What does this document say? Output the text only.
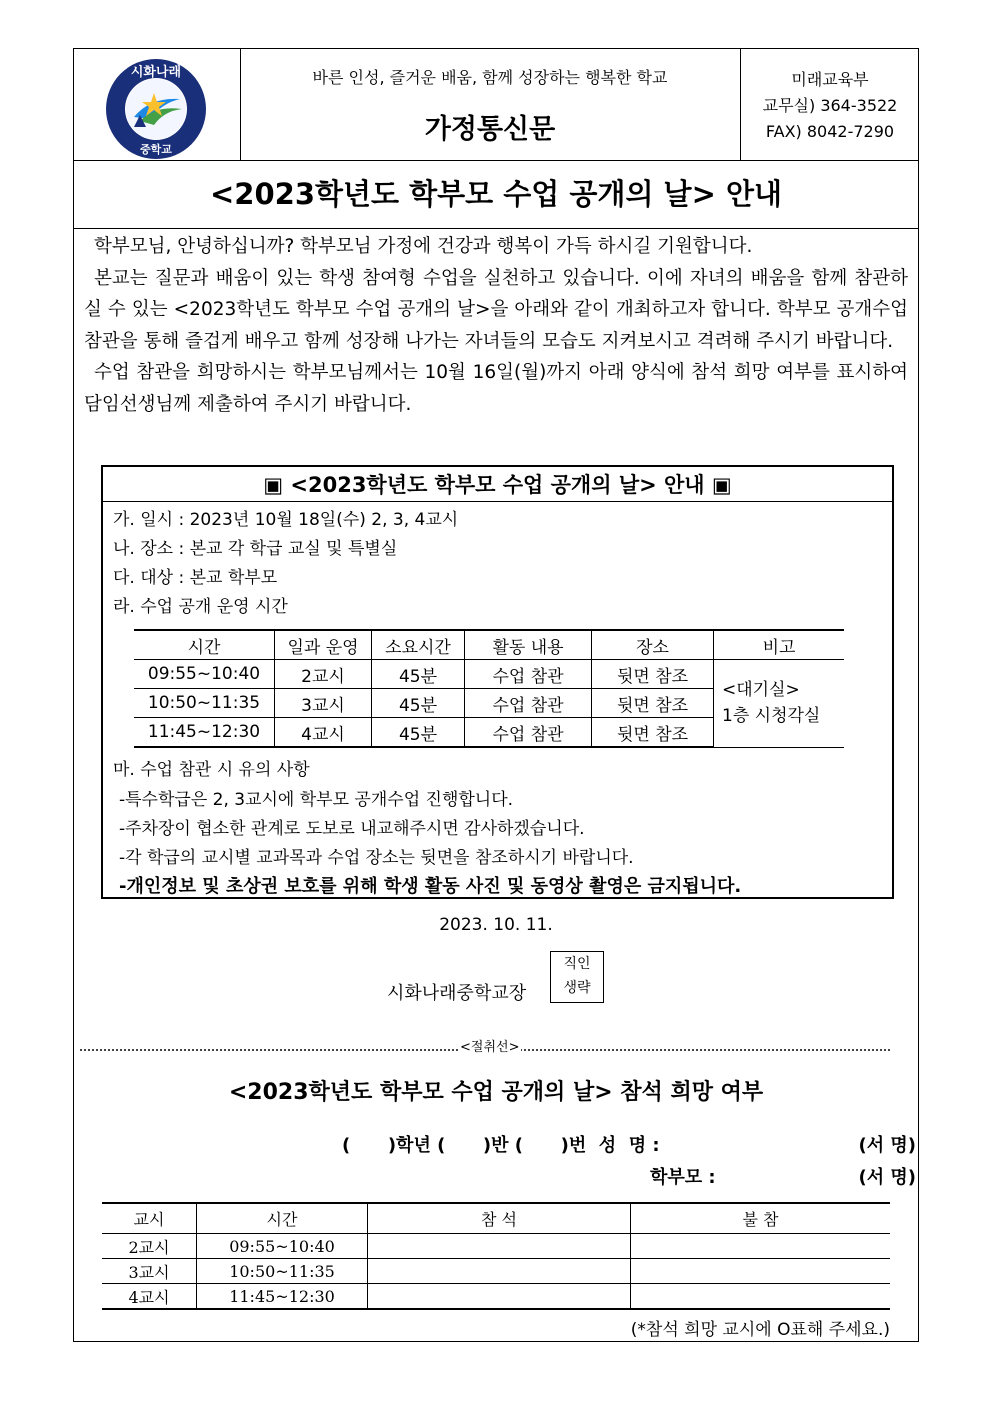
시화나래
중학교
바른 인성, 즐거운 배움, 함께 성장하는 행복한 학교
가정통신문
미래교육부
교무실) 364-3522
FAX) 8042-7290
<2023학년도 학부모 수업 공개의 날> 안내

학부모님, 안녕하십니까? 학부모님 가정에 건강과 행복이 가득 하시길 기원합니다.

본교는 질문과 배움이 있는 학생 참여형 수업을 실천하고 있습니다. 이에 자녀의 배움을 함께 참관하실 수 있는 <2023학년도 학부모 수업 공개의 날>을 아래와 같이 개최하고자 합니다. 학부모 공개수업 참관을 통해 즐겁게 배우고 함께 성장해 나가는 자녀들의 모습도 지켜보시고 격려해 주시기 바랍니다.

수업 참관을 희망하시는 학부모님께서는 10월 16일(월)까지 아래 양식에 참석 희망 여부를 표시하여 담임선생님께 제출하여 주시기 바랍니다.

▣ <2023학년도 학부모 수업 공개의 날> 안내 ▣
가. 일시 : 2023년 10월 18일(수) 2, 3, 4교시
나. 장소 : 본교 각 학급 교실 및 특별실
다. 대상 : 본교 학부모
라. 수업 공개 운영 시간
시간	일과 운영	소요시간	활동 내용	장소	비고
09:55~10:40	2교시	45분	수업 참관	뒷면 참조	<대기실>
1층 시청각실

10:50~11:35	3교시	45분	수업 참관	뒷면 참조	
11:45~12:30	4교시	45분	수업 참관	뒷면 참조	
마. 수업 참관 시 유의 사항
-특수학급은 2, 3교시에 학부모 공개수업 진행합니다.
-주차장이 협소한 관계로 도보로 내교해주시면 감사하겠습니다.
-각 학급의 교시별 교과목과 수업 장소는 뒷면을 참조하시기 바랍니다.
-개인정보 및 초상권 보호를 위해 학생 활동 사진 및 동영상 촬영은 금지됩니다.
2023. 10. 11.
시화나래중학교장
직인
생략
<절취선>
<2023학년도 학부모 수업 공개의 날> 참석 희망 여부
(      )학년 (      )반 (      )번  성  명 :	(서 명)
학부모 :	(서 명)
교시	시간	참 석	불 참
2교시	09:55~10:40		
3교시	10:50~11:35		
4교시	11:45~12:30		
(*참석 희망 교시에 O표해 주세요.)
